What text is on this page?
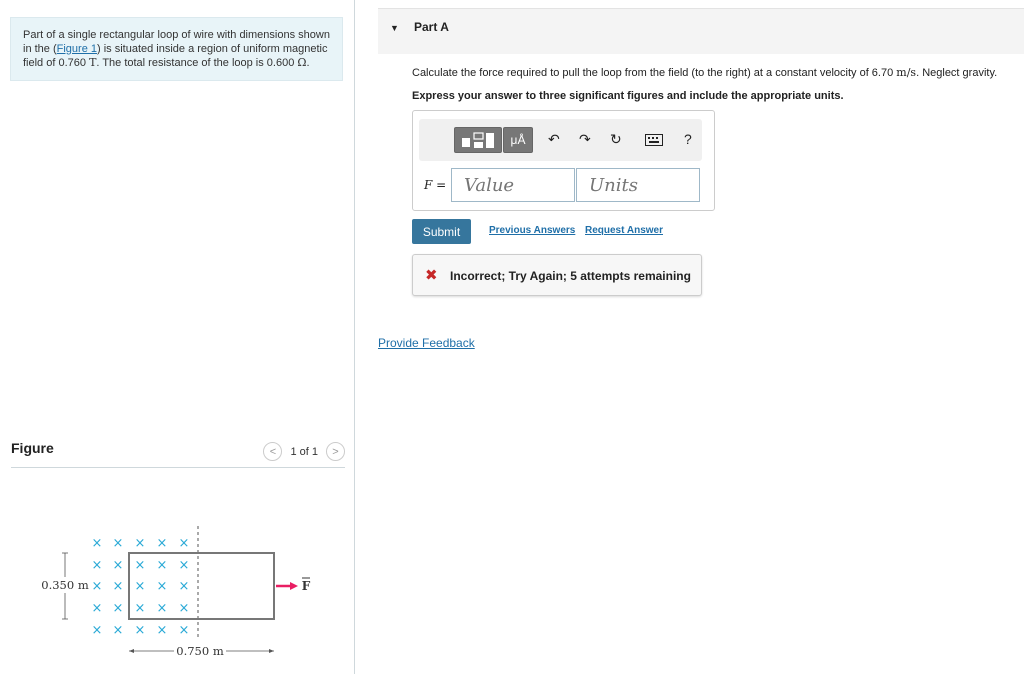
Part of a single rectangular loop of wire with dimensions shown in the (Figure 1) is situated inside a region of uniform magnetic field of 0.760 T. The total resistance of the loop is 0.600 Ω.
Figure	<	1 of 1	>
× × × × ×
× × × × ×
× × × × ×
× × × × ×
× × × × ×
0.350 m
0.750 m
F
▼ Part A
Calculate the force required to pull the loop from the field (to the right) at a constant velocity of 6.70 m/s. Neglect gravity.
Express your answer to three significant figures and include the appropriate units.
μÅ	↶ ↷ ↻	?
F =
Value
Units
Submit	Previous Answers Request Answer
✖ Incorrect; Try Again; 5 attempts remaining
Provide Feedback
